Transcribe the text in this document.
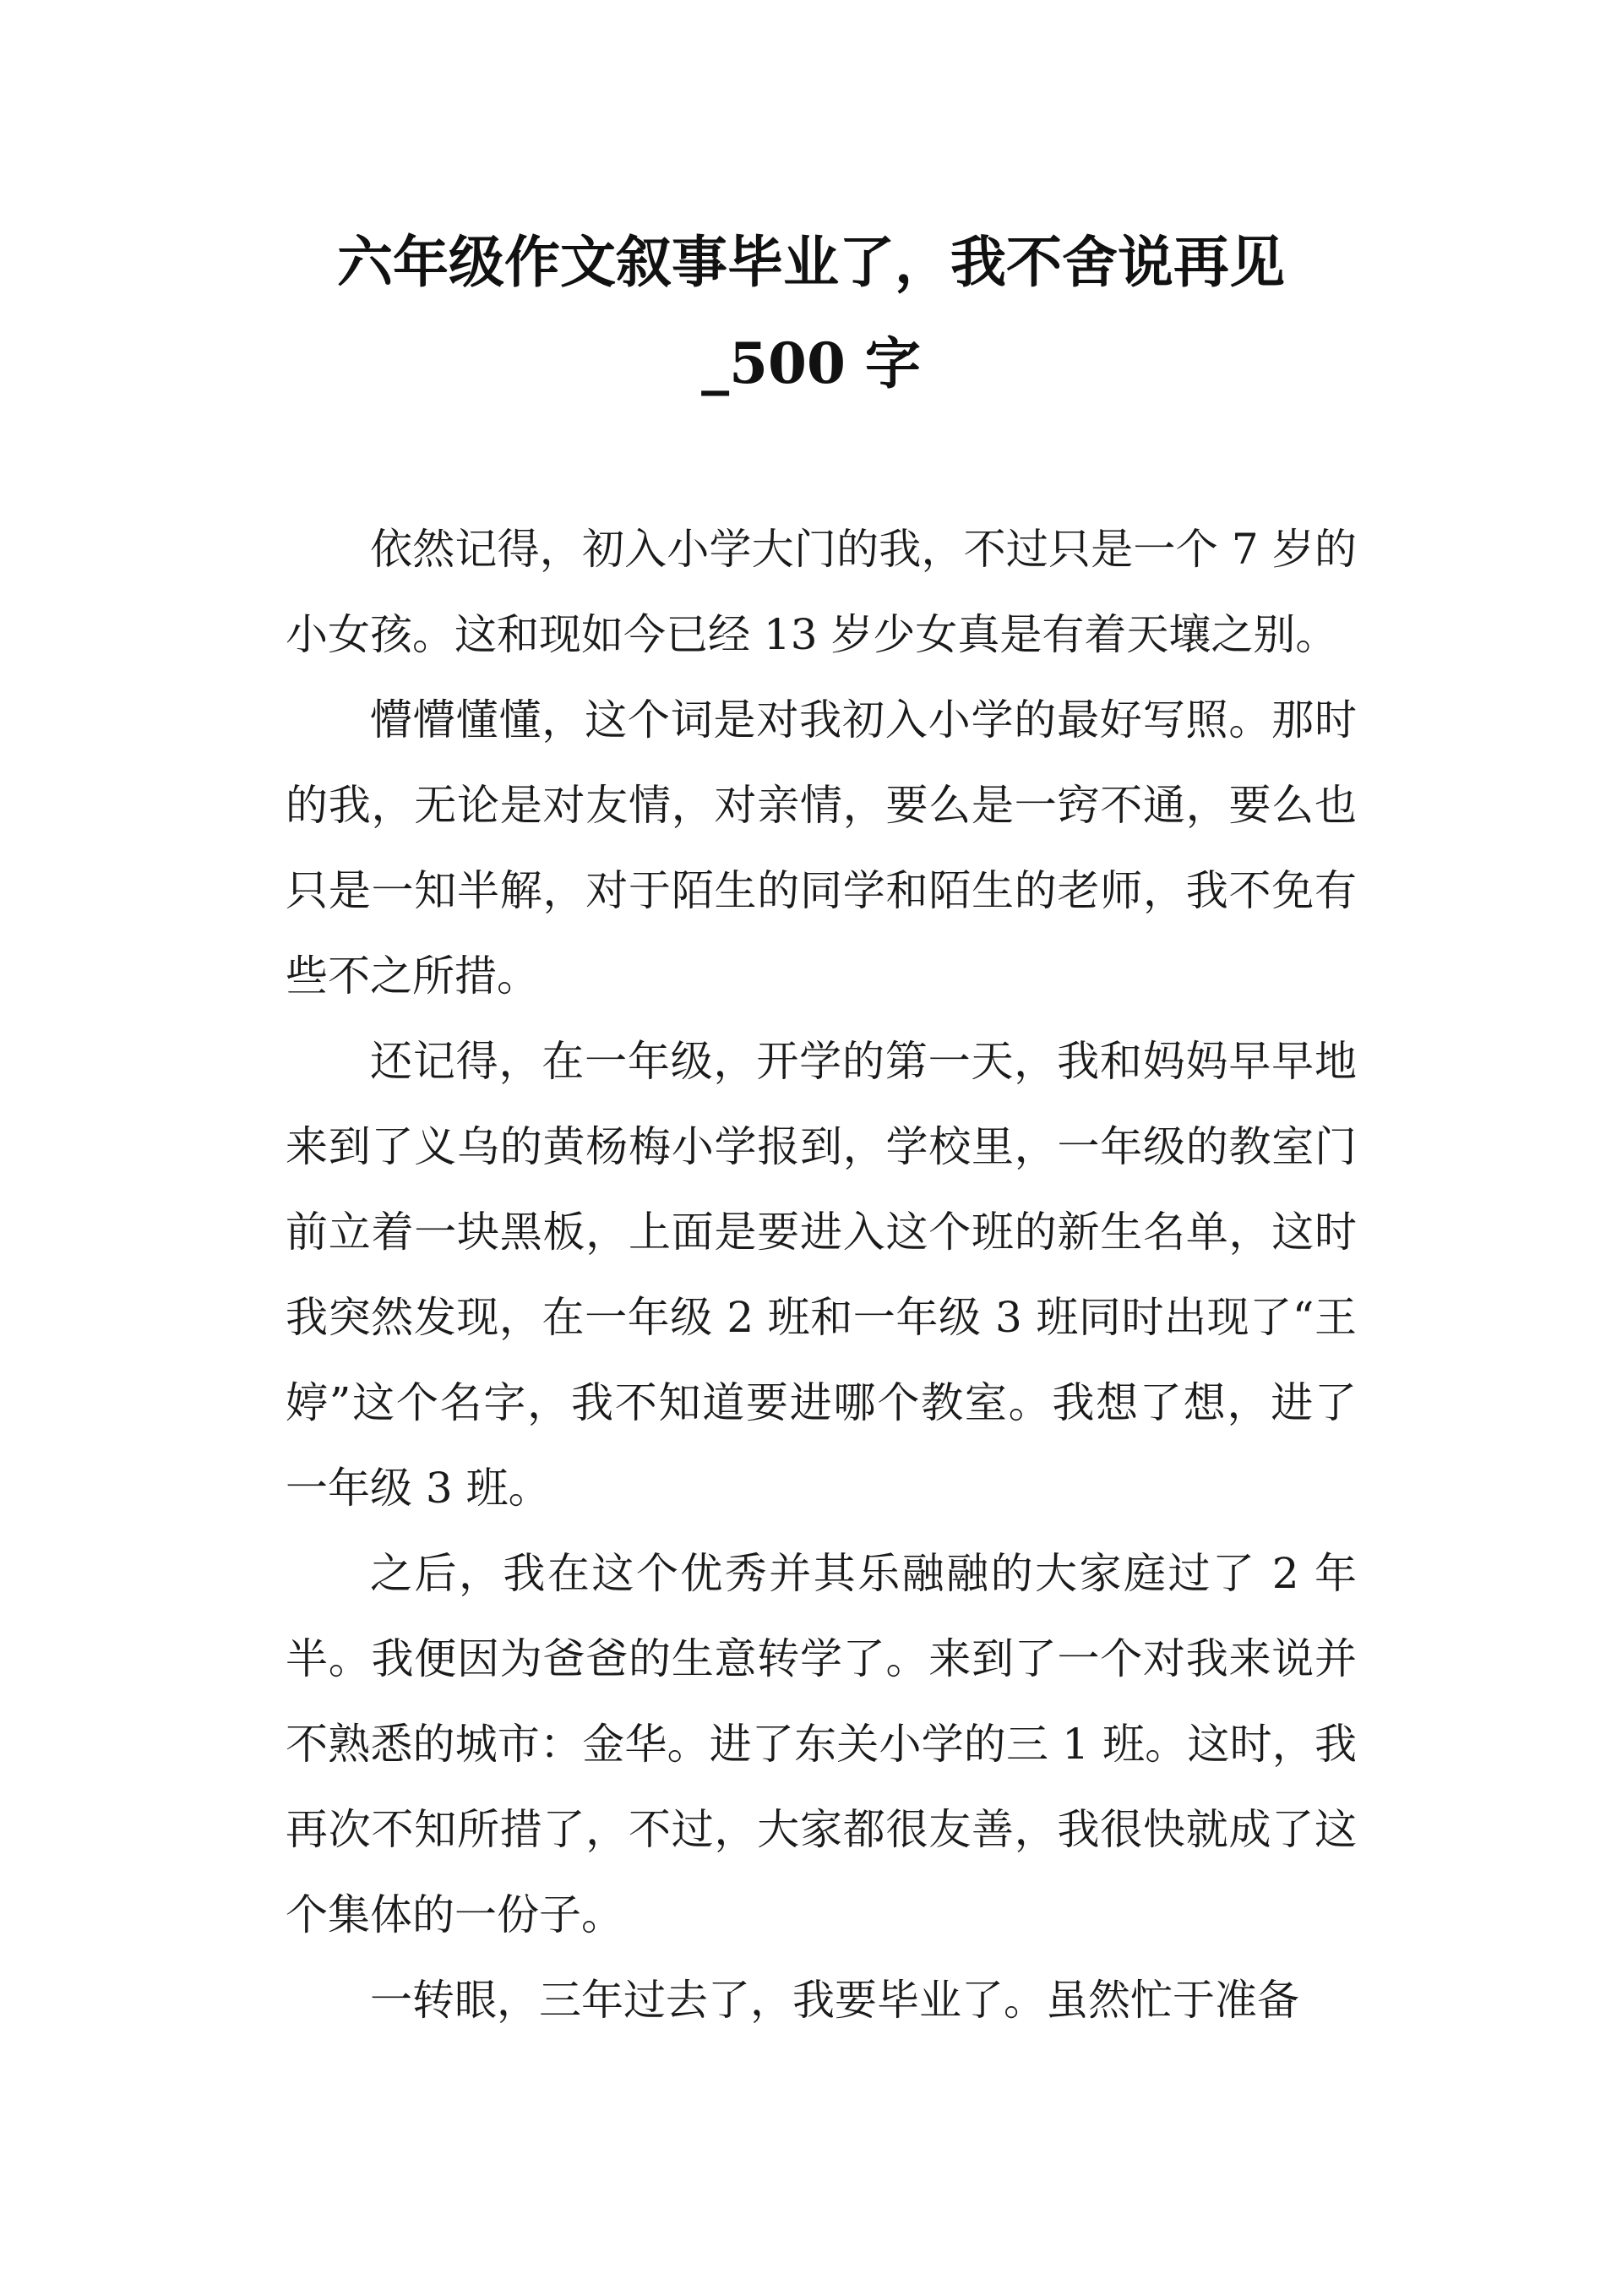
六年级作文叙事毕业了，我不舍说再见
_500 字

依然记得，初入小学大门的我，不过只是一个 7 岁的小女孩。这和现如今已经 13 岁少女真是有着天壤之别。

懵懵懂懂，这个词是对我初入小学的最好写照。那时的我，无论是对友情，对亲情，要么是一窍不通，要么也只是一知半解，对于陌生的同学和陌生的老师，我不免有些不之所措。

还记得，在一年级，开学的第一天，我和妈妈早早地来到了义乌的黄杨梅小学报到，学校里，一年级的教室门前立着一块黑板，上面是要进入这个班的新生名单，这时我突然发现，在一年级 2 班和一年级 3 班同时出现了“王婷”这个名字，我不知道要进哪个教室。我想了想，进了一年级 3 班。

之后，我在这个优秀并其乐融融的大家庭过了 2 年半。我便因为爸爸的生意转学了。来到了一个对我来说并不熟悉的城市：金华。进了东关小学的三 1 班。这时，我再次不知所措了，不过，大家都很友善，我很快就成了这个集体的一份子。

一转眼，三年过去了，我要毕业了。虽然忙于准备
